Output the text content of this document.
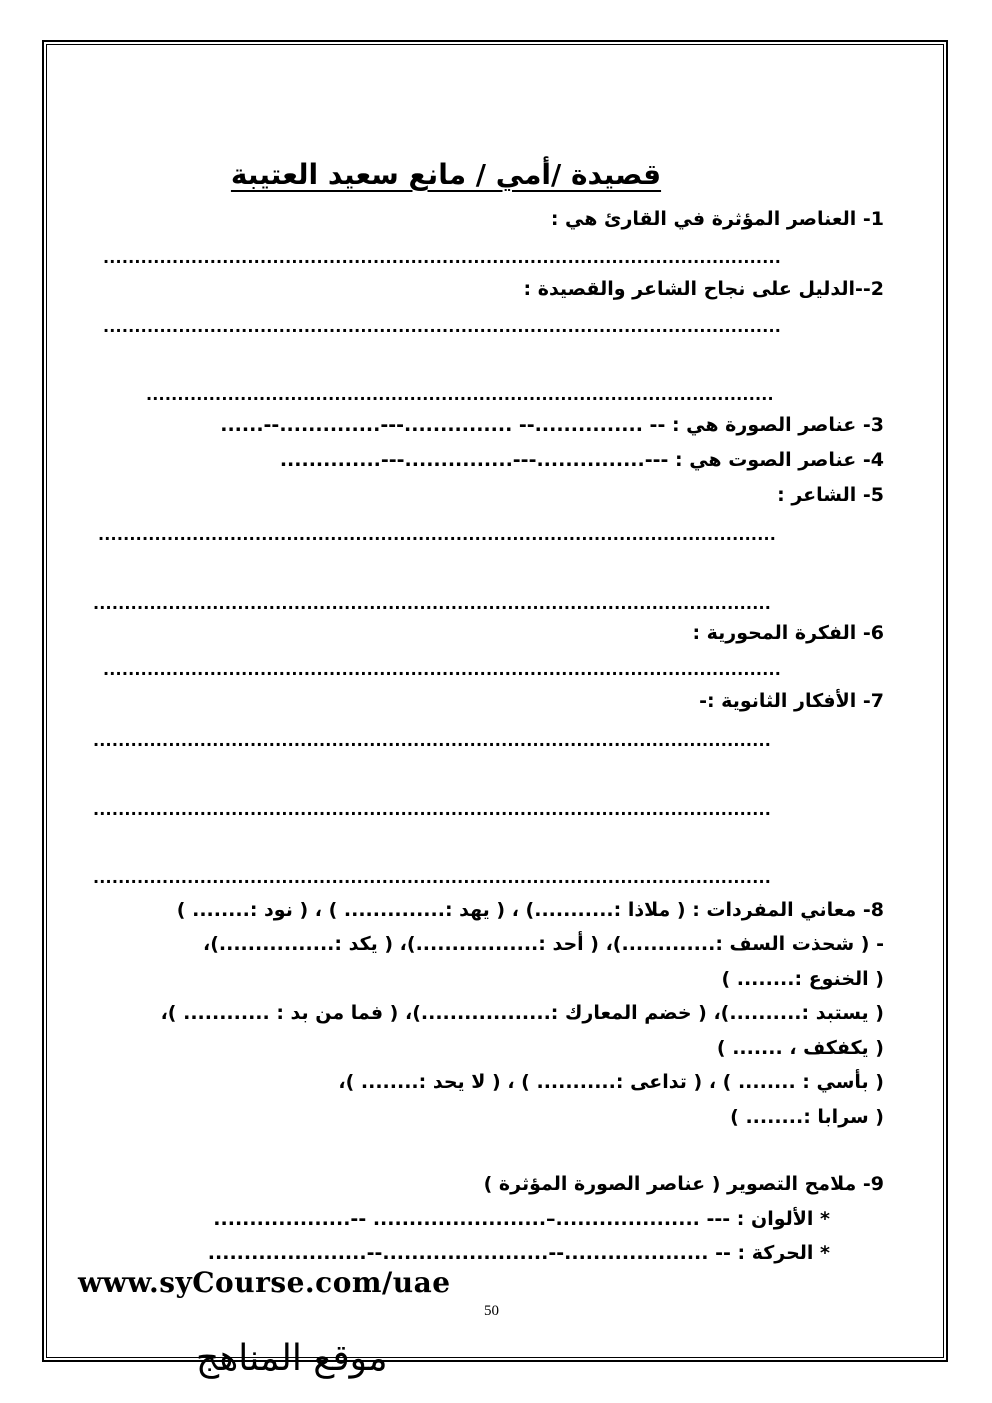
قصيدة /أمي / مانع سعيد العتيبة
1- العناصر المؤثرة في القارئ هي :
............................................................................................................
2--الدليل على نجاح الشاعر والقصيدة :
............................................................................................................
....................................................................................................
3- عناصر الصورة هي : -- ...............-- ...............---..............--......
4- عناصر الصوت هي : ---...............---...............---..............
5- الشاعر :
............................................................................................................
............................................................................................................
6- الفكرة المحورية :
............................................................................................................
7- الأفكار الثانوية :-
............................................................................................................
............................................................................................................
............................................................................................................
8- معاني المفردات : ( ملاذا :...........) ، ( يهد :.............. ) ، ( نود :........ )
- ( شحذت السف :.............)، ( أحد :.................)، ( يكد :................)،
( الخنوع :........ )
( يستبد :..........)، ( خضم المعارك :..................)، ( فما من بد : ............ )،
( يكفكف ، ....... )
( بأسي : ........ ) ، ( تداعى :........... ) ، ( لا يحد :........ )،
( سرابا :........ )
9- ملامح التصوير ( عناصر الصورة المؤثرة )
* الألوان : --- ....................–........................ --...................
* الحركة : -- ....................--.......................--......................
www.syCourse.com/uae
50
موقع المناهج
